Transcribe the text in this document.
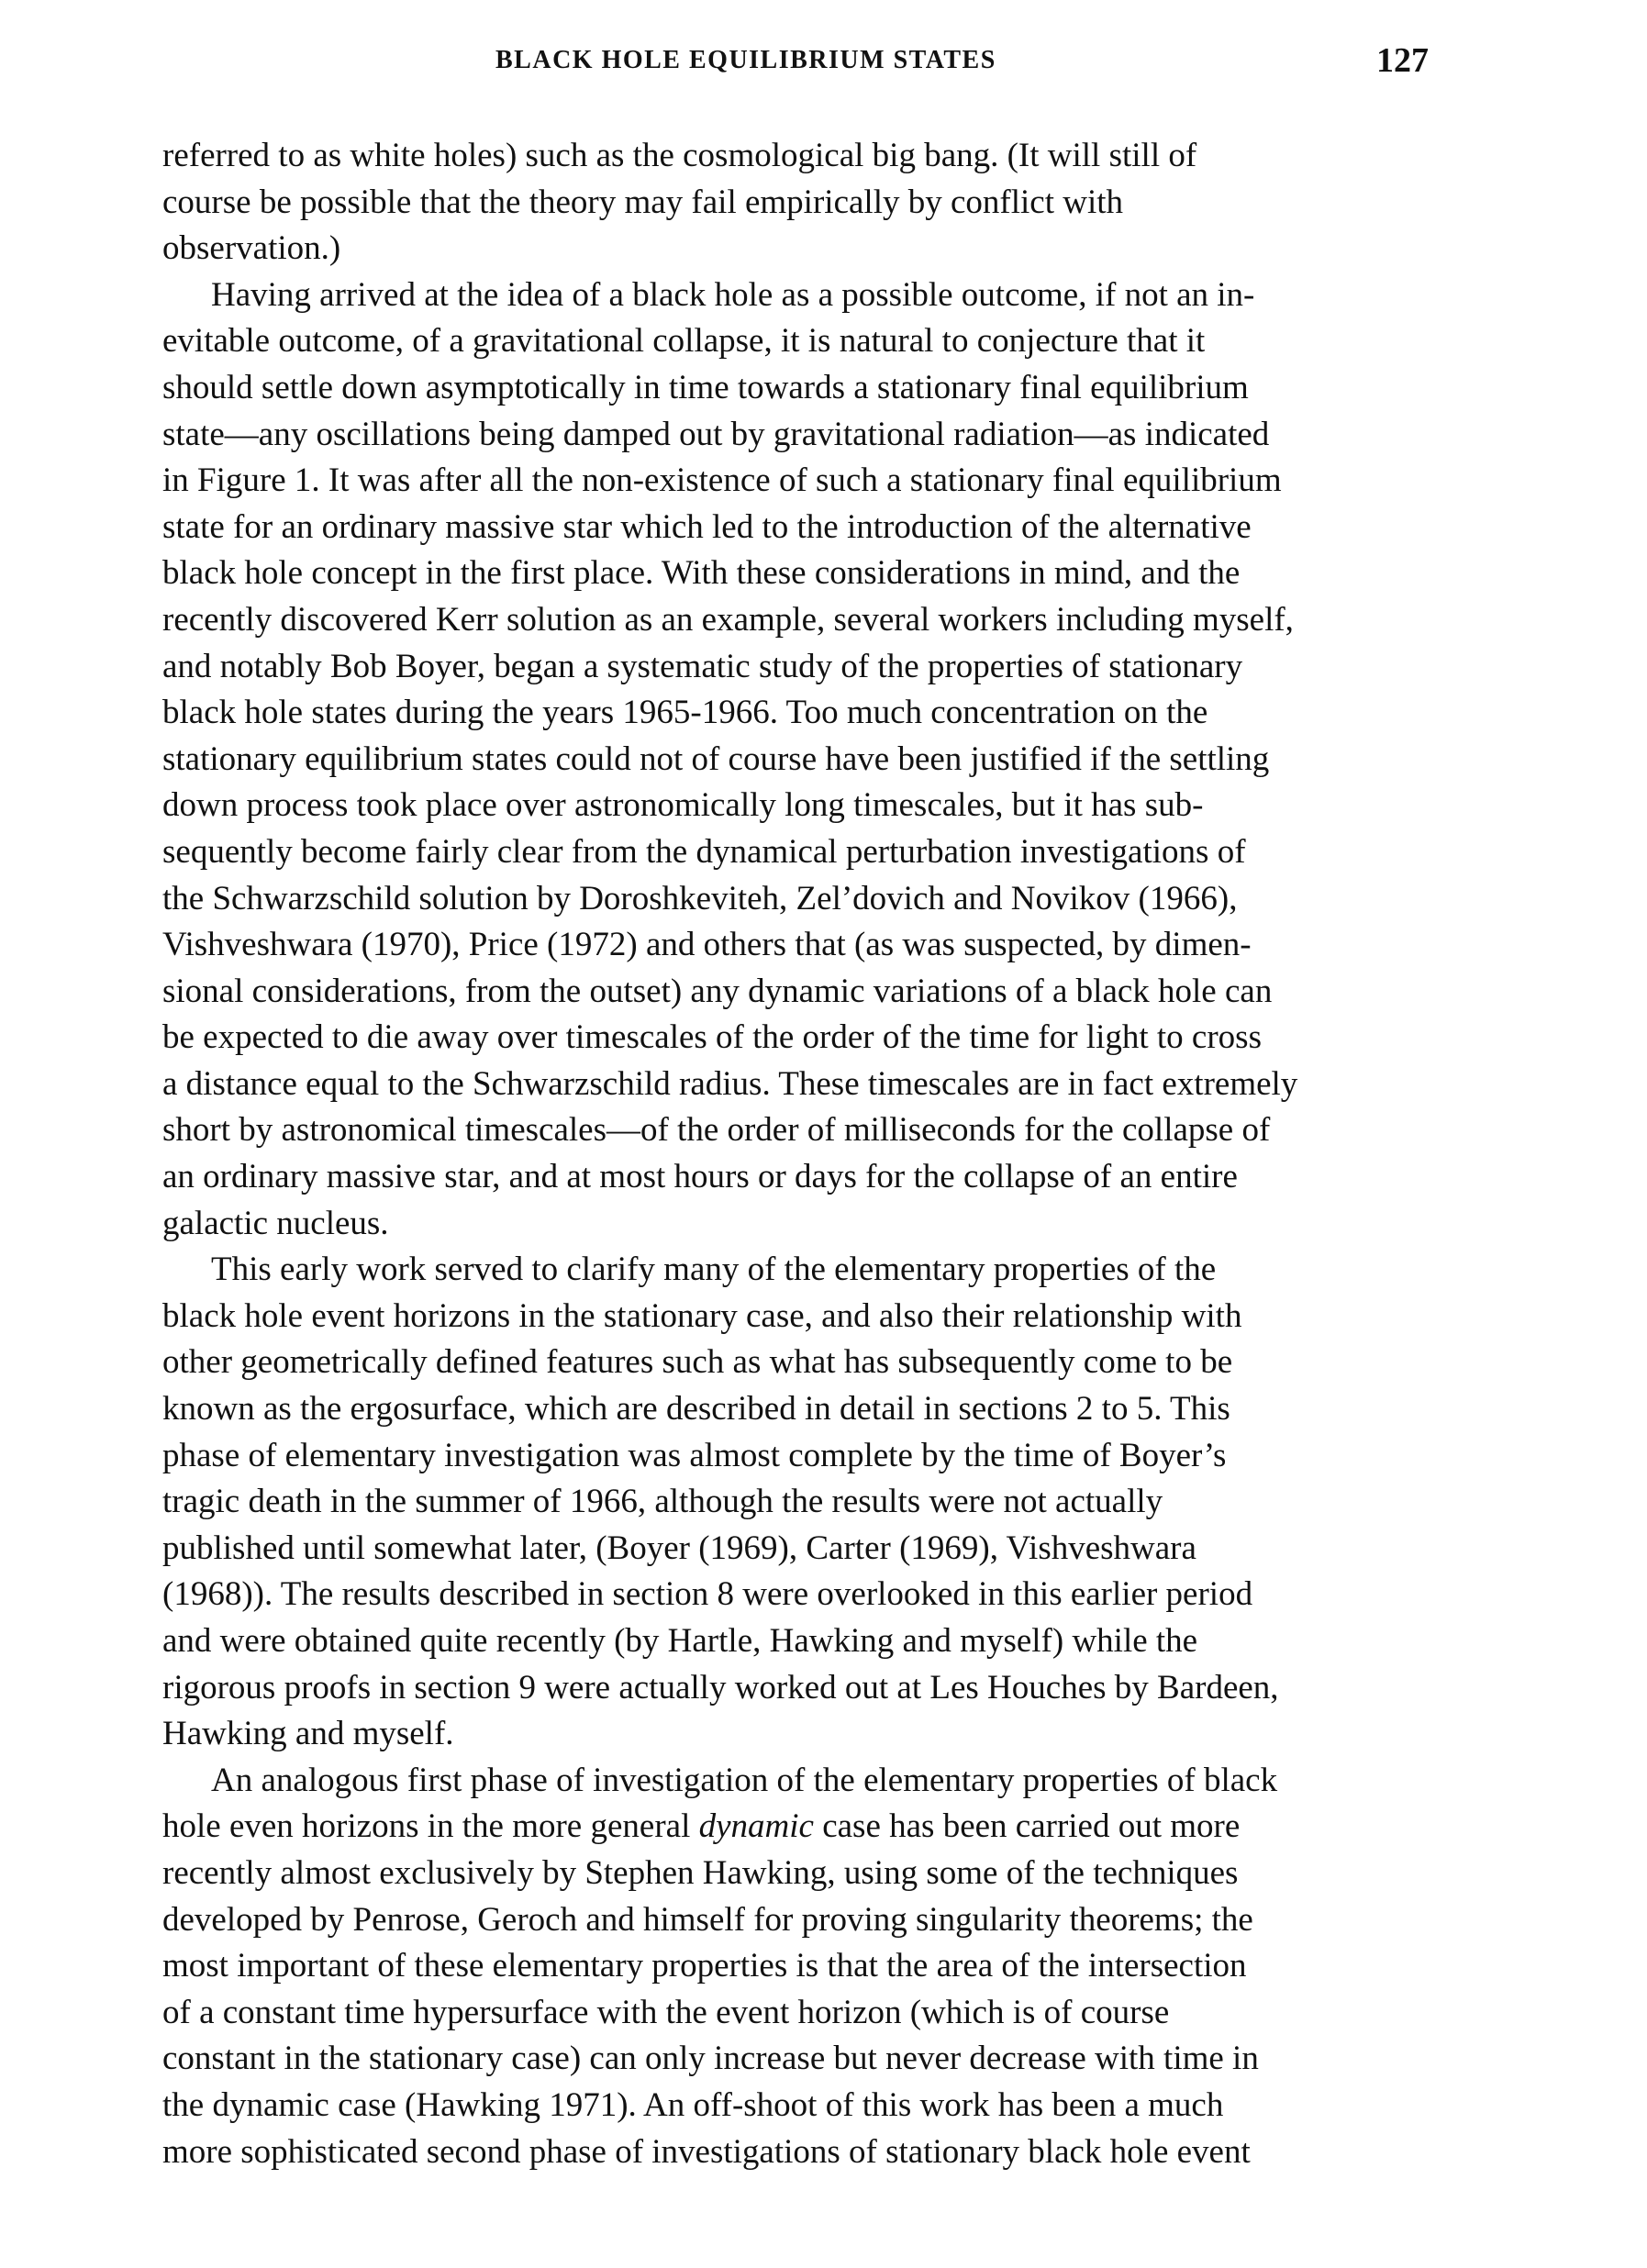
BLACK HOLE EQUILIBRIUM STATES	127
referred to as white holes) such as the cosmological big bang. (It will still of
course be possible that the theory may fail empirically by conflict with
observation.)
Having arrived at the idea of a black hole as a possible outcome, if not an in-
evitable outcome, of a gravitational collapse, it is natural to conjecture that it
should settle down asymptotically in time towards a stationary final equilibrium
state—any oscillations being damped out by gravitational radiation—as indicated
in Figure 1. It was after all the non-existence of such a stationary final equilibrium
state for an ordinary massive star which led to the introduction of the alternative
black hole concept in the first place. With these considerations in mind, and the
recently discovered Kerr solution as an example, several workers including myself,
and notably Bob Boyer, began a systematic study of the properties of stationary
black hole states during the years 1965-1966. Too much concentration on the
stationary equilibrium states could not of course have been justified if the settling
down process took place over astronomically long timescales, but it has sub-
sequently become fairly clear from the dynamical perturbation investigations of
the Schwarzschild solution by Doroshkeviteh, Zel’dovich and Novikov (1966),
Vishveshwara (1970), Price (1972) and others that (as was suspected, by dimen-
sional considerations, from the outset) any dynamic variations of a black hole can
be expected to die away over timescales of the order of the time for light to cross
a distance equal to the Schwarzschild radius. These timescales are in fact extremely
short by astronomical timescales—of the order of milliseconds for the collapse of
an ordinary massive star, and at most hours or days for the collapse of an entire
galactic nucleus.
This early work served to clarify many of the elementary properties of the
black hole event horizons in the stationary case, and also their relationship with
other geometrically defined features such as what has subsequently come to be
known as the ergosurface, which are described in detail in sections 2 to 5. This
phase of elementary investigation was almost complete by the time of Boyer’s
tragic death in the summer of 1966, although the results were not actually
published until somewhat later, (Boyer (1969), Carter (1969), Vishveshwara
(1968)). The results described in section 8 were overlooked in this earlier period
and were obtained quite recently (by Hartle, Hawking and myself) while the
rigorous proofs in section 9 were actually worked out at Les Houches by Bardeen,
Hawking and myself.
An analogous first phase of investigation of the elementary properties of black
hole even horizons in the more general dynamic case has been carried out more
recently almost exclusively by Stephen Hawking, using some of the techniques
developed by Penrose, Geroch and himself for proving singularity theorems; the
most important of these elementary properties is that the area of the intersection
of a constant time hypersurface with the event horizon (which is of course
constant in the stationary case) can only increase but never decrease with time in
the dynamic case (Hawking 1971). An off-shoot of this work has been a much
more sophisticated second phase of investigations of stationary black hole event
